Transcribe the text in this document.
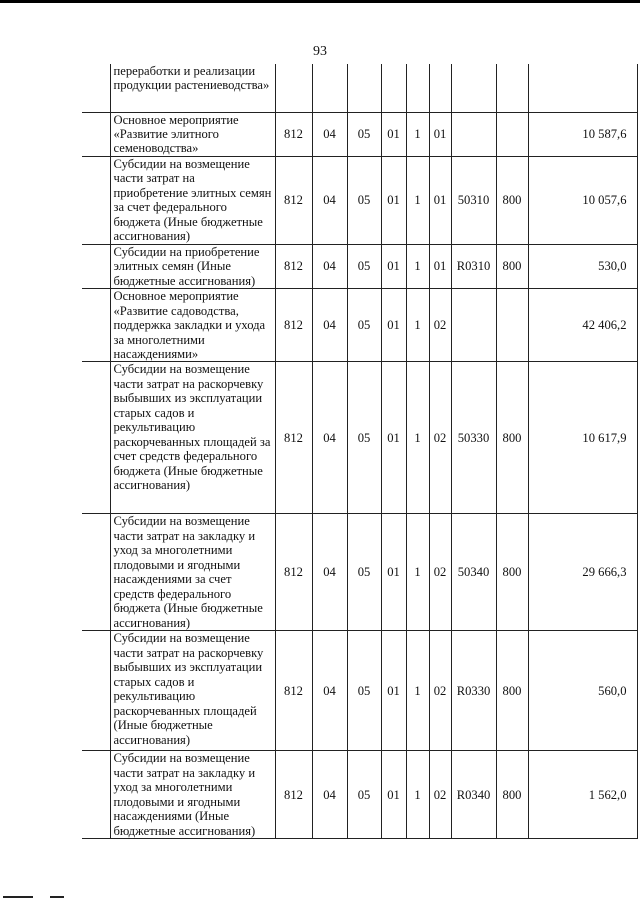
93
	переработки и реализации продукции растениеводства»									
	Основное мероприятие «Развитие элитного семеноводства»	812	04	05	01	1	01			10 587,6
	Субсидии на возмещение части затрат на приобретение элитных семян за счет федерального бюджета (Иные бюджетные ассигнования)	812	04	05	01	1	01	50310	800	10 057,6
	Субсидии на приобретение элитных семян (Иные бюджетные ассигнования)	812	04	05	01	1	01	R0310	800	530,0
	Основное мероприятие «Развитие садоводства, поддержка закладки и ухода за многолетними насаждениями»	812	04	05	01	1	02			42 406,2
	Субсидии на возмещение части затрат на раскорчевку выбывших из эксплуатации старых садов и рекультивацию раскорчеванных площадей за счет средств федерального бюджета (Иные бюджетные ассигнования)	812	04	05	01	1	02	50330	800	10 617,9
	Субсидии на возмещение части затрат на закладку и уход за многолетними плодовыми и ягодными насаждениями за счет средств федерального бюджета (Иные бюджетные ассигнования)	812	04	05	01	1	02	50340	800	29 666,3
	Субсидии на возмещение части затрат на раскорчевку выбывших из эксплуатации старых садов и рекультивацию раскорчеванных площадей (Иные бюджетные ассигнования)	812	04	05	01	1	02	R0330	800	560,0
	Субсидии на возмещение части затрат на закладку и уход за многолетними плодовыми и ягодными насаждениями (Иные бюджетные ассигнования)	812	04	05	01	1	02	R0340	800	1 562,0
